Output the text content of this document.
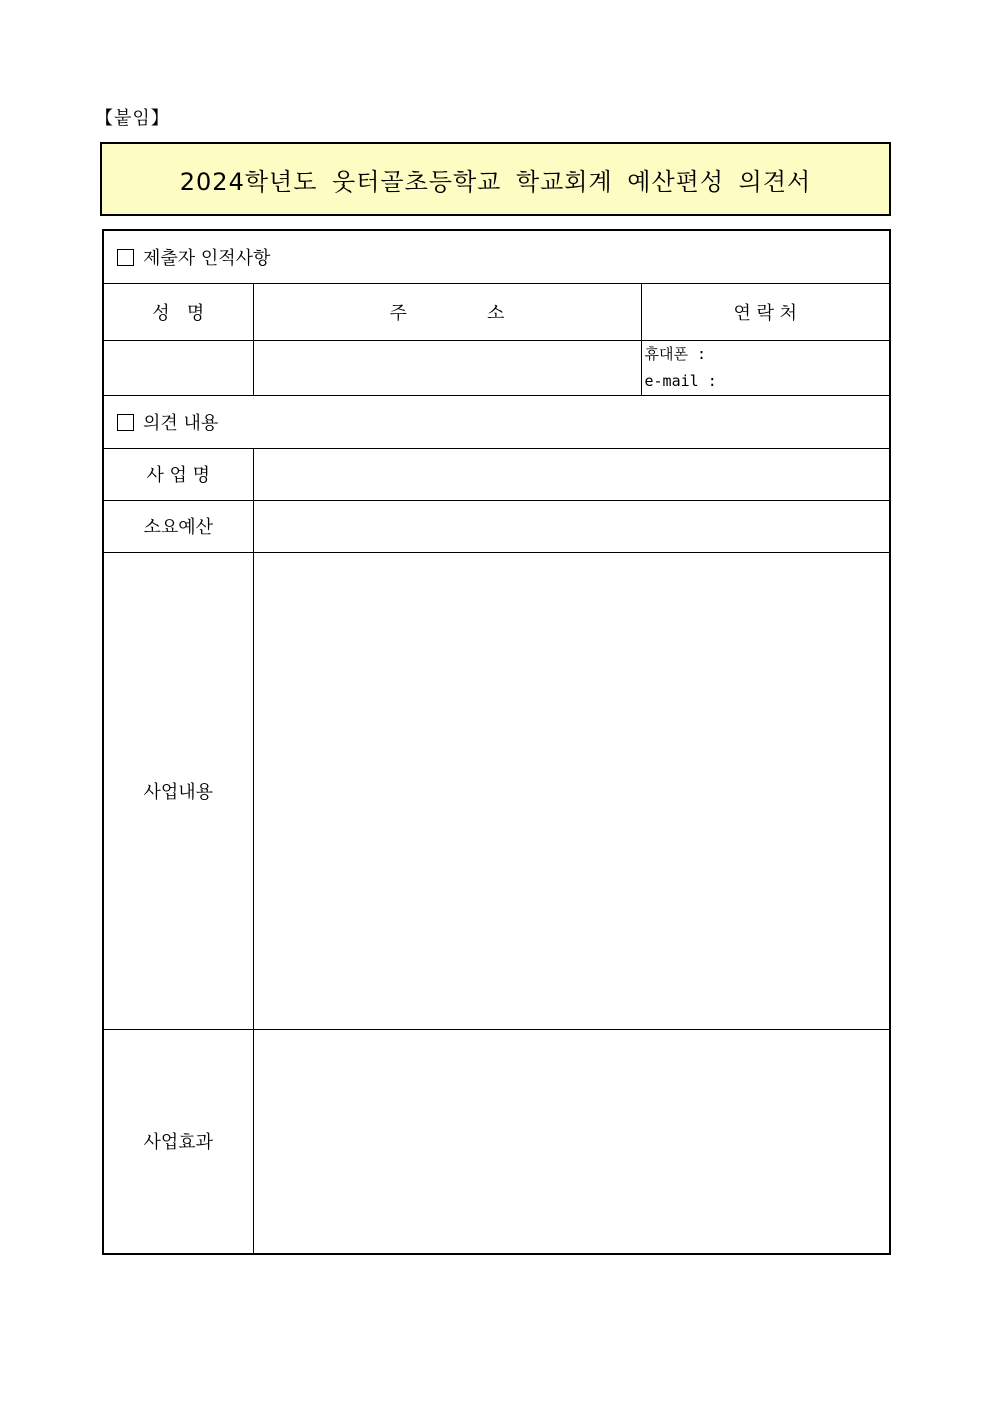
【붙임】
2024학년도 웃터골초등학교 학교회계 예산편성 의견서
제출자 인적사항		
성   명	주              소	연 락 처

		휴대폰 :
e-mail :

의견 내용		
사 업 명		
소요예산		
사업내용		
사업효과		
